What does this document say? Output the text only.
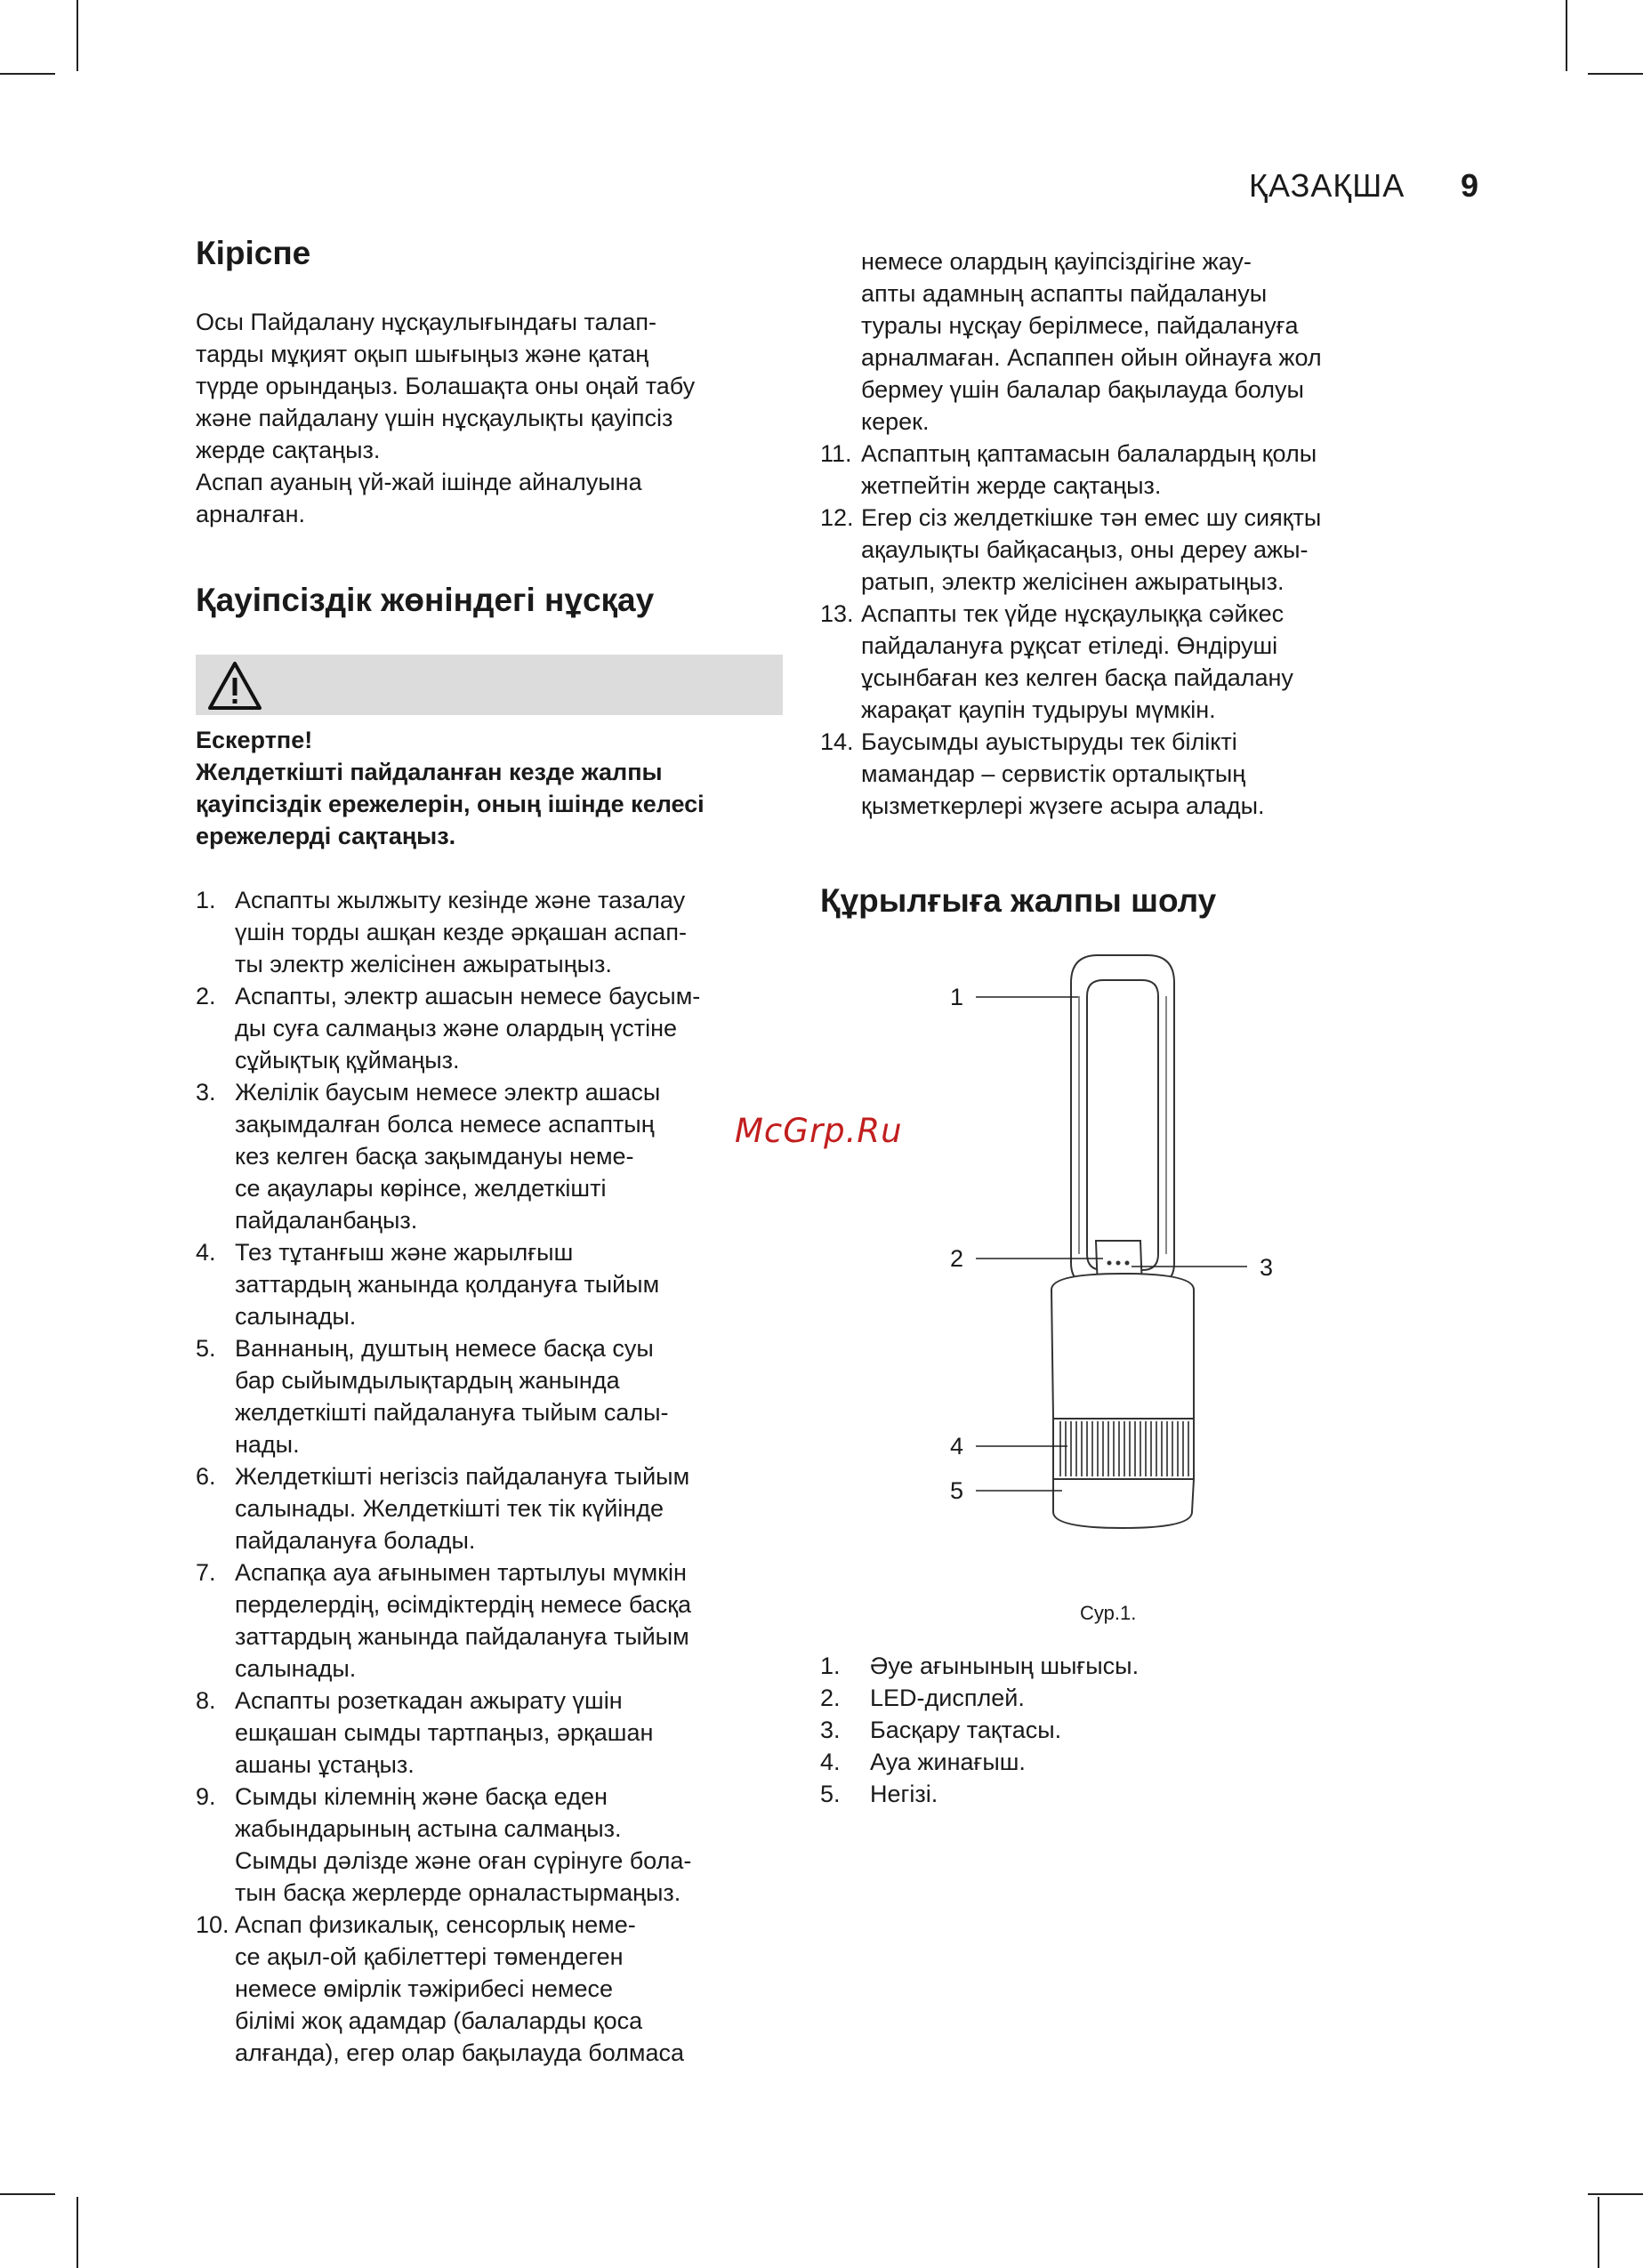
ҚАЗАҚША 9
Кіріспе

Осы Пайдалану нұсқаулығындағы талап-

тарды мұқият оқып шығыңыз және қатаң

түрде орындаңыз. Болашақта оны оңай табу

және пайдалану үшін нұсқаулықты қауіпсіз

жерде сақтаңыз.

Аспап ауаның үй-жай ішінде айналуына

арналған.

Қауіпсіздік жөніндегі нұсқау

Ескертпе!

Желдеткішті пайдаланған кезде жалпы

қауіпсіздік ережелерін, оның ішінде келесі

ережелерді сақтаңыз.

1. Аспапты жылжыту кезінде және тазалау

үшін торды ашқан кезде әрқашан аспап-

ты электр желісінен ажыратыңыз.

2. Аспапты, электр ашасын немесе баусым-

ды суға салмаңыз және олардың үстіне

сұйықтық құймаңыз.

3. Желілік баусым немесе электр ашасы

зақымдалған болса немесе аспаптың

кез келген басқа зақымдануы неме-

се ақаулары көрінсе, желдеткішті

пайдаланбаңыз.

4. Тез тұтанғыш және жарылғыш

заттардың жанында қолдануға тыйым

салынады.

5. Ваннаның, душтың немесе басқа суы

бар сыйымдылықтардың жанында

желдеткішті пайдалануға тыйым салы-

нады.

6. Желдеткішті негізсіз пайдалануға тыйым

салынады. Желдеткішті тек тік күйінде

пайдалануға болады.

7. Аспапқа ауа ағынымен тартылуы мүмкін

перделердің, өсімдіктердің немесе басқа

заттардың жанында пайдалануға тыйым

салынады.

8. Аспапты розеткадан ажырату үшін

ешқашан сымды тартпаңыз, әрқашан

ашаны ұстаңыз.

9. Сымды кілемнің және басқа еден

жабындарының астына салмаңыз.

Сымды дәлізде және оған сүрінуге бола-

тын басқа жерлерде орналастырмаңыз.

10. Аспап физикалық, сенсорлық неме-

се ақыл-ой қабілеттері төмендеген

немесе өмірлік тәжірибесі немесе

білімі жоқ адамдар (балаларды қоса

алғанда), егер олар бақылауда болмаса

немесе олардың қауіпсіздігіне жау-

апты адамның аспапты пайдалануы

туралы нұсқау берілмесе, пайдалануға

арналмаған. Аспаппен ойын ойнауға жол

бермеу үшін балалар бақылауда болуы

керек.

11. Аспаптың қаптамасын балалардың қолы

жетпейтін жерде сақтаңыз.

12. Егер сіз желдеткішке тән емес шу сияқты

ақаулықты байқасаңыз, оны дереу ажы-

ратып, электр желісінен ажыратыңыз.

13. Аспапты тек үйде нұсқаулыққа сәйкес

пайдалануға рұқсат етіледі. Өндіруші

ұсынбаған кез келген басқа пайдалану

жарақат қаупін тудыруы мүмкін.

14. Баусымды ауыстыруды тек білікті

мамандар – сервистік орталықтың

қызметкерлері жүзеге асыра алады.

Құрылғыға жалпы шолу
1
2	3
4
5
Сур.1.
1. Әуе ағынының шығысы.

2. LED-дисплей.

3. Басқару тақтасы.

4. Ауа жинағыш.

5. Негізі.

McGrp.Ru
